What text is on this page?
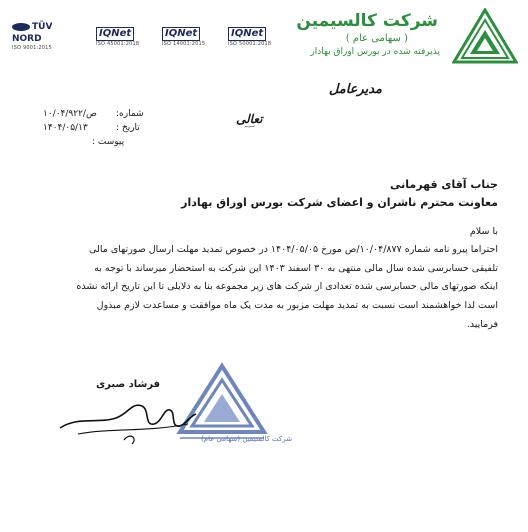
TÜV NORD
ISO 9001:2015
IQNet
ISO 45001:2018
IQNet
ISO 14001:2015
IQNet
ISO 50001:2018
شرکت کالسیمین
( سهامی عام )
پذیرفته شده در بورس اوراق بهادار
مدیرعامل
شماره:
۱۰/۰۴/۹۲۲/ص
تاریخ :
۱۴۰۴/۰۵/۱۳
پیوست :
تعالی
جناب آقای قهرمانی
معاونت محترم ناشران و اعضای شرکت بورس اوراق بهادار
با سلام
احتراما پیرو نامه شماره ۱۰/۰۴/۸۷۷/ص مورخ ۱۴۰۴/۰۵/۰۵ در خصوص تمدید مهلت ارسال صورتهای مالی
تلفیقی حسابرسی شده سال مالی منتهی به ۳۰ اسفند ۱۴۰۳ این شرکت به استحضار میرساند با توجه به
اینکه صورتهای مالی حسابرسی شده تعدادی از شرکت های زیر مجموعه بنا به دلایلی تا این تاریخ ارائه نشده
است لذا خواهشمند است نسبت به تمدید مهلت مزبور به مدت یک ماه موافقت و مساعدت لازم مبذول
فرمایید.
شرکت کالسیمین (سهامی عام)
فرشاد صبری
